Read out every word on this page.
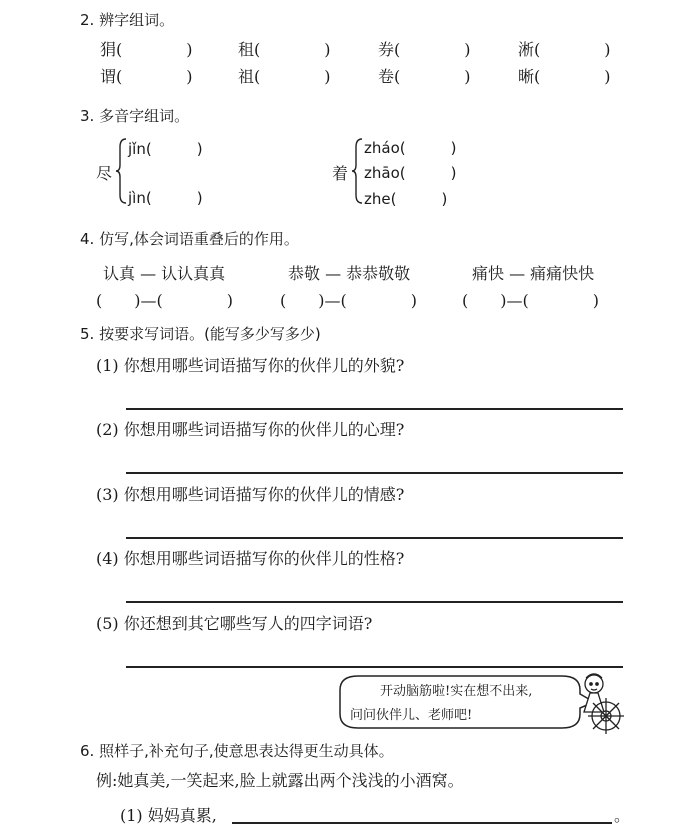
2. 辨字组词。
狷(　　　　)	租(　　　　)	券(　　　　)	淅(　　　　)
谓(　　　　)	祖(　　　　)	卷(　　　　)	晰(　　　　)
3. 多音字组词。
尽
jǐn(　　　)
jìn(　　　)
着
zháo(　　　)
zhāo(　　　)
zhe(　　　)
4. 仿写,体会词语重叠后的作用。
认真 — 认认真真	恭敬 — 恭恭敬敬	痛快 — 痛痛快快
(　　)—(　　　　)	(　　)—(　　　　)	(　　)—(　　　　)
5. 按要求写词语。(能写多少写多少)
(1) 你想用哪些词语描写你的伙伴儿的外貌?
(2) 你想用哪些词语描写你的伙伴儿的心理?
(3) 你想用哪些词语描写你的伙伴儿的情感?
(4) 你想用哪些词语描写你的伙伴儿的性格?
(5) 你还想到其它哪些写人的四字词语?
开动脑筋啦!实在想不出来,
问问伙伴儿、老师吧!
6. 照样子,补充句子,使意思表达得更生动具体。
例:她真美,一笑起来,脸上就露出两个浅浅的小酒窝。
(1) 妈妈真累,	。
